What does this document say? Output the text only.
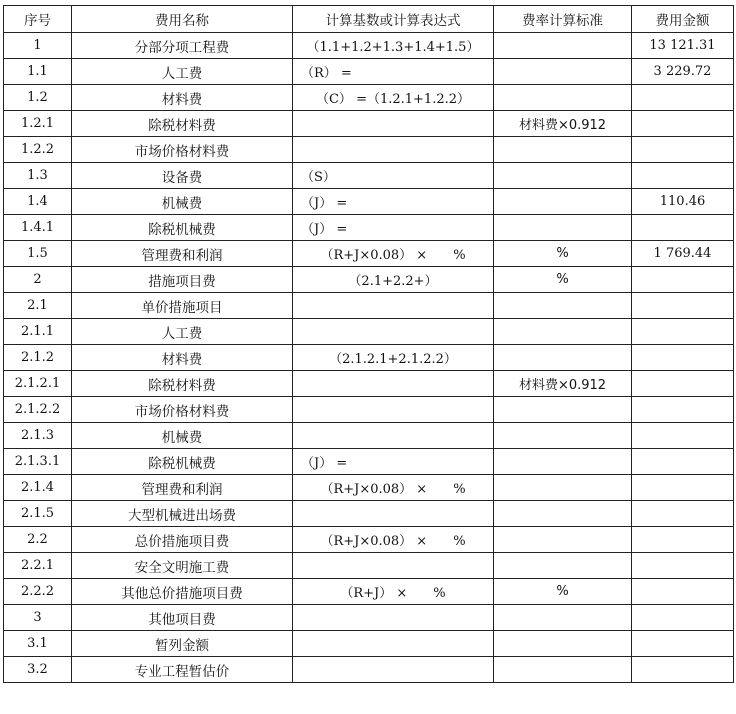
序号	费用名称	计算基数或计算表达式	费率计算标准	费用金额
1	分部分项工程费	（1.1+1.2+1.3+1.4+1.5）		13 121.31
1.1	人工费	（R） =		3 229.72
1.2	材料费	（C） =（1.2.1+1.2.2）		
1.2.1	除税材料费		材料费×0.912	
1.2.2	市场价格材料费			
1.3	设备费	（S）		
1.4	机械费	（J） =		110.46
1.4.1	除税机械费	（J） =		
1.5	管理费和利润	（R+J×0.08） ×　　%	%	1 769.44
2	措施项目费	（2.1+2.2+）	%	
2.1	单价措施项目			
2.1.1	人工费			
2.1.2	材料费	（2.1.2.1+2.1.2.2）		
2.1.2.1	除税材料费		材料费×0.912	
2.1.2.2	市场价格材料费			
2.1.3	机械费			
2.1.3.1	除税机械费	（J） =		
2.1.4	管理费和利润	（R+J×0.08） ×　　%		
2.1.5	大型机械进出场费			
2.2	总价措施项目费	（R+J×0.08） ×　　%		
2.2.1	安全文明施工费			
2.2.2	其他总价措施项目费	（R+J） ×　　%	%	
3	其他项目费			
3.1	暂列金额			
3.2	专业工程暂估价			
